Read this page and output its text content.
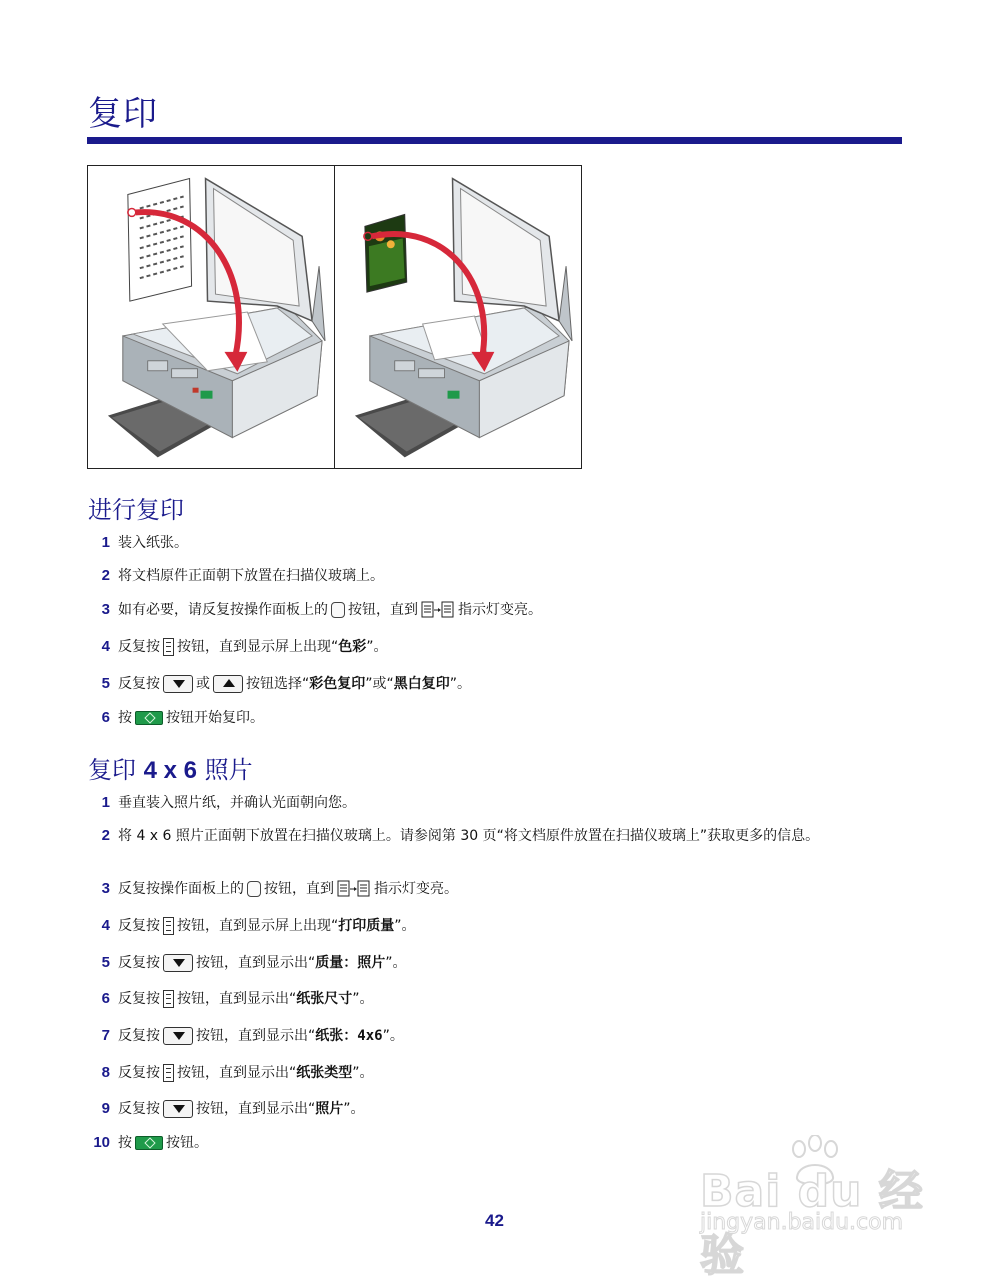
复印
进行复印
1 装入纸张。
2 将文档原件正面朝下放置在扫描仪玻璃上。
3 如有必要，请反复按操作面板上的 按钮，直到	指示灯变亮。
4 反复按 按钮，直到显示屏上出现“色彩”。
5 反复按	或	按钮选择“彩色复印”或“黑白复印”。
6 按 按钮开始复印。
复印 4 x 6 照片
1 垂直装入照片纸，并确认光面朝向您。
2 将 4 x 6 照片正面朝下放置在扫描仪玻璃上。请参阅第 30 页“将文档原件放置在扫描仪玻璃上”获取更多的信息。
3 反复按操作面板上的 按钮，直到	指示灯变亮。
4 反复按 按钮，直到显示屏上出现“打印质量”。
5 反复按	按钮，直到显示出“质量：照片”。
6 反复按 按钮，直到显示出“纸张尺寸”。
7 反复按	按钮，直到显示出“纸张：4x6”。
8 反复按 按钮，直到显示出“纸张类型”。
9 反复按	按钮，直到显示出“照片”。
10 按 按钮。
Bai du 经验
jingyan.baidu.com
42
